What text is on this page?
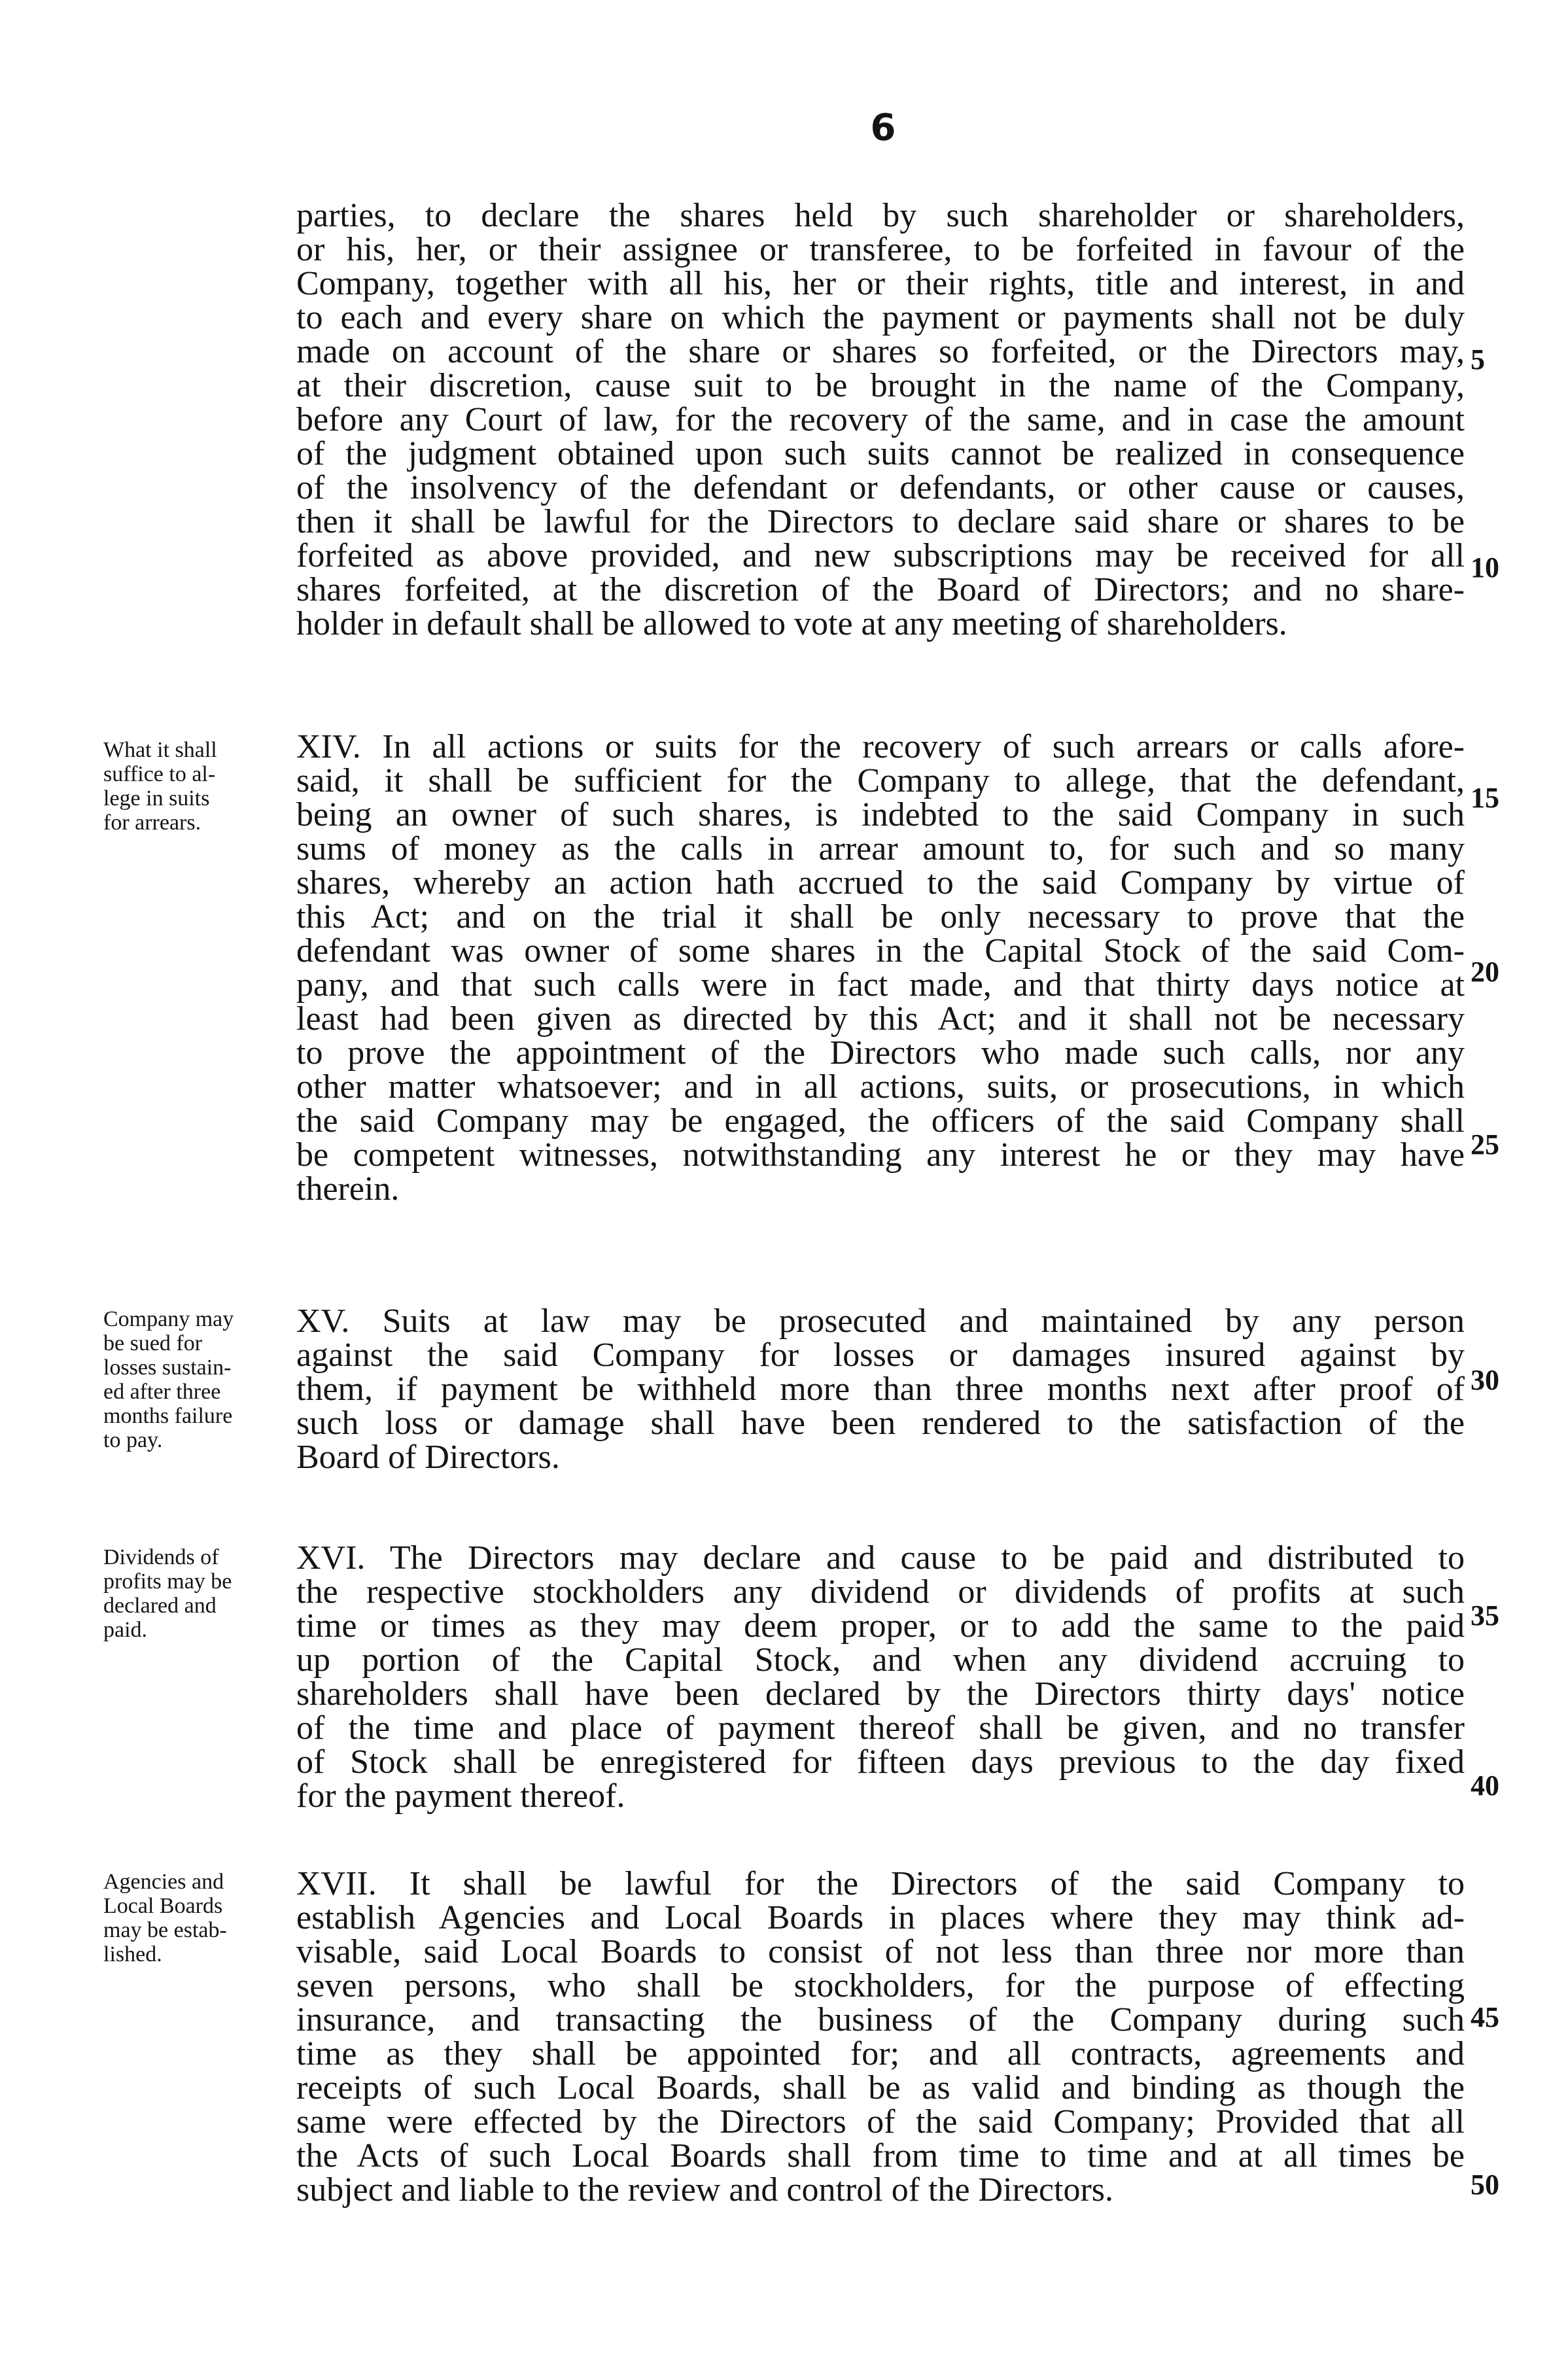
6
parties, to declare the shares held by such shareholder or shareholders,
or his, her, or their assignee or transferee, to be forfeited in favour of the
Company, together with all his, her or their rights, title and interest, in and
to each and every share on which the payment or payments shall not be duly
made on account of the share or shares so forfeited, or the Directors may,
at their discretion, cause suit to be brought in the name of the Company,
before any Court of law, for the recovery of the same, and in case the amount
of the judgment obtained upon such suits cannot be realized in consequence
of the insolvency of the defendant or defendants, or other cause or causes,
then it shall be lawful for the Directors to declare said share or shares to be
forfeited as above provided, and new subscriptions may be received for all
shares forfeited, at the discretion of the Board of Directors; and no share-
holder in default shall be allowed to vote at any meeting of shareholders.
What it shall
suffice to al-
lege in suits
for arrears.
XIV. In all actions or suits for the recovery of such arrears or calls afore-
said, it shall be sufficient for the Company to allege, that the defendant,
being an owner of such shares, is indebted to the said Company in such
sums of money as the calls in arrear amount to, for such and so many
shares, whereby an action hath accrued to the said Company by virtue of
this Act; and on the trial it shall be only necessary to prove that the
defendant was owner of some shares in the Capital Stock of the said Com-
pany, and that such calls were in fact made, and that thirty days notice at
least had been given as directed by this Act; and it shall not be necessary
to prove the appointment of the Directors who made such calls, nor any
other matter whatsoever; and in all actions, suits, or prosecutions, in which
the said Company may be engaged, the officers of the said Company shall
be competent witnesses, notwithstanding any interest he or they may have
therein.
Company may
be sued for
losses sustain-
ed after three
months failure
to pay.
XV. Suits at law may be prosecuted and maintained by any person
against the said Company for losses or damages insured against by
them, if payment be withheld more than three months next after proof of
such loss or damage shall have been rendered to the satisfaction of the
Board of Directors.
Dividends of
profits may be
declared and
paid.
XVI. The Directors may declare and cause to be paid and distributed to
the respective stockholders any dividend or dividends of profits at such
time or times as they may deem proper, or to add the same to the paid
up portion of the Capital Stock, and when any dividend accruing to
shareholders shall have been declared by the Directors thirty days' notice
of the time and place of payment thereof shall be given, and no transfer
of Stock shall be enregistered for fifteen days previous to the day fixed
for the payment thereof.
Agencies and
Local Boards
may be estab-
lished.
XVII. It shall be lawful for the Directors of the said Company to
establish Agencies and Local Boards in places where they may think ad-
visable, said Local Boards to consist of not less than three nor more than
seven persons, who shall be stockholders, for the purpose of effecting
insurance, and transacting the business of the Company during such
time as they shall be appointed for; and all contracts, agreements and
receipts of such Local Boards, shall be as valid and binding as though the
same were effected by the Directors of the said Company; Provided that all
the Acts of such Local Boards shall from time to time and at all times be
subject and liable to the review and control of the Directors.
5
10
15
20
25
30
35
40
45
50
